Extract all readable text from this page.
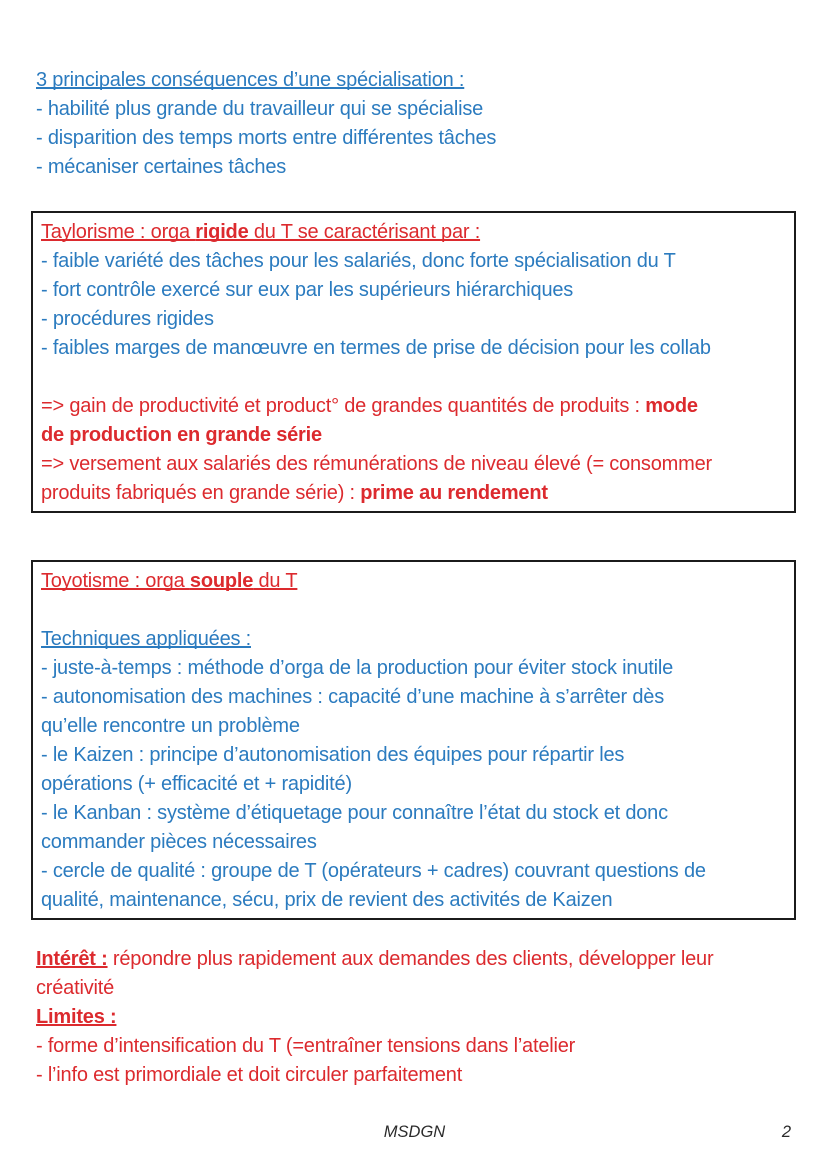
3 principales conséquences d’une spécialisation :
- habilité plus grande du travailleur qui se spécialise
- disparition des temps morts entre différentes tâches
- mécaniser certaines tâches
Taylorisme : orga rigide du T se caractérisant par :
- faible variété des tâches pour les salariés, donc forte spécialisation du T
- fort contrôle exercé sur eux par les supérieurs hiérarchiques
- procédures rigides
- faibles marges de manœuvre en termes de prise de décision pour les collab

=> gain de productivité et product° de grandes quantités de produits : mode
de production en grande série
=> versement aux salariés des rémunérations de niveau élevé (= consommer
produits fabriqués en grande série) : prime au rendement
Toyotisme : orga souple du T

Techniques appliquées :
- juste-à-temps : méthode d’orga de la production pour éviter stock inutile
- autonomisation des machines : capacité d’une machine à s’arrêter dès
qu’elle rencontre un problème
- le Kaizen : principe d’autonomisation des équipes pour répartir les
opérations (+ efficacité et + rapidité)
- le Kanban : système d’étiquetage pour connaître l’état du stock et donc
commander pièces nécessaires
- cercle de qualité : groupe de T (opérateurs + cadres) couvrant questions de
qualité, maintenance, sécu, prix de revient des activités de Kaizen
Intérêt : répondre plus rapidement aux demandes des clients, développer leur
créativité
Limites :
- forme d’intensification du T (=entraîner tensions dans l’atelier
- l’info est primordiale et doit circuler parfaitement
MSDGN	2
